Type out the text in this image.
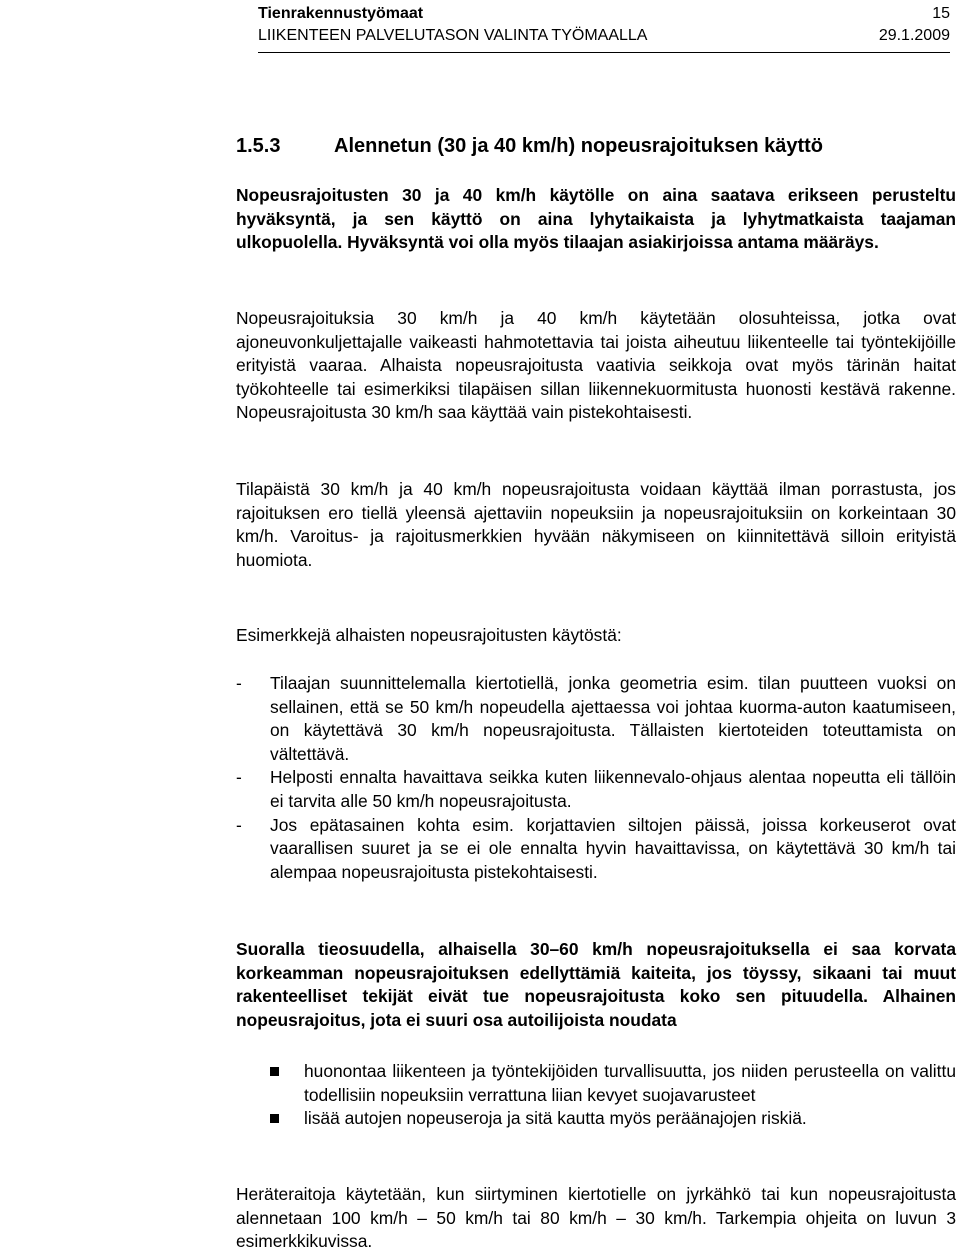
Tienrakennustyömaat
LIIKENTEEN PALVELUTASON VALINTA TYÖMAALLA
15
29.1.2009
1.5.3	Alennetun (30 ja 40 km/h) nopeusrajoituksen käyttö

Nopeusrajoitusten 30 ja 40 km/h käytölle on aina saatava erikseen perusteltu hyväksyntä, ja sen käyttö on aina lyhytaikaista ja lyhytmatkaista taajaman ulkopuolella. Hyväksyntä voi olla myös tilaajan asiakirjoissa antama määräys.

Nopeusrajoituksia 30 km/h ja 40 km/h käytetään olosuhteissa, jotka ovat ajoneuvonkuljettajalle vaikeasti hahmotettavia tai joista aiheutuu liikenteelle tai työntekijöille erityistä vaaraa. Alhaista nopeusrajoitusta vaativia seikkoja ovat myös tärinän haitat työkohteelle tai esimerkiksi tilapäisen sillan liikennekuormitusta huonosti kestävä rakenne. Nopeusrajoitusta 30 km/h saa käyttää vain pistekohtaisesti.

Tilapäistä 30 km/h ja 40 km/h nopeusrajoitusta voidaan käyttää ilman porrastusta, jos rajoituksen ero tiellä yleensä ajettaviin nopeuksiin ja nopeusrajoituksiin on korkeintaan 30 km/h. Varoitus- ja rajoitusmerkkien hyvään näkymiseen on kiinnitettävä silloin erityistä huomiota.

Esimerkkejä alhaisten nopeusrajoitusten käytöstä:

- Tilaajan suunnittelemalla kiertotiellä, jonka geometria esim. tilan puutteen vuoksi on sellainen, että se 50 km/h nopeudella ajettaessa voi johtaa kuorma-auton kaatumiseen, on käytettävä 30 km/h nopeusrajoitusta. Tällaisten kiertoteiden toteuttamista on vältettävä.
- Helposti ennalta havaittava seikka kuten liikennevalo-ohjaus alentaa nopeutta eli tällöin ei tarvita alle 50 km/h nopeusrajoitusta.
- Jos epätasainen kohta esim. korjattavien siltojen päissä, joissa korkeuserot ovat vaarallisen suuret ja se ei ole ennalta hyvin havaittavissa, on käytettävä 30 km/h tai alempaa nopeusrajoitusta pistekohtaisesti.

Suoralla tieosuudella, alhaisella 30–60 km/h nopeusrajoituksella ei saa korvata korkeamman nopeusrajoituksen edellyttämiä kaiteita, jos töyssy, sikaani tai muut rakenteelliset tekijät eivät tue nopeusrajoitusta koko sen pituudella. Alhainen nopeusrajoitus, jota ei suuri osa autoilijoista noudata

huonontaa liikenteen ja työntekijöiden turvallisuutta, jos niiden perusteella on valittu todellisiin nopeuksiin verrattuna liian kevyet suojavarusteet
lisää autojen nopeuseroja ja sitä kautta myös peräänajojen riskiä.

Heräteraitoja käytetään, kun siirtyminen kiertotielle on jyrkähkö tai kun nopeusrajoitusta alennetaan 100 km/h – 50 km/h tai 80 km/h – 30 km/h. Tarkempia ohjeita on luvun 3 esimerkkikuvissa.
